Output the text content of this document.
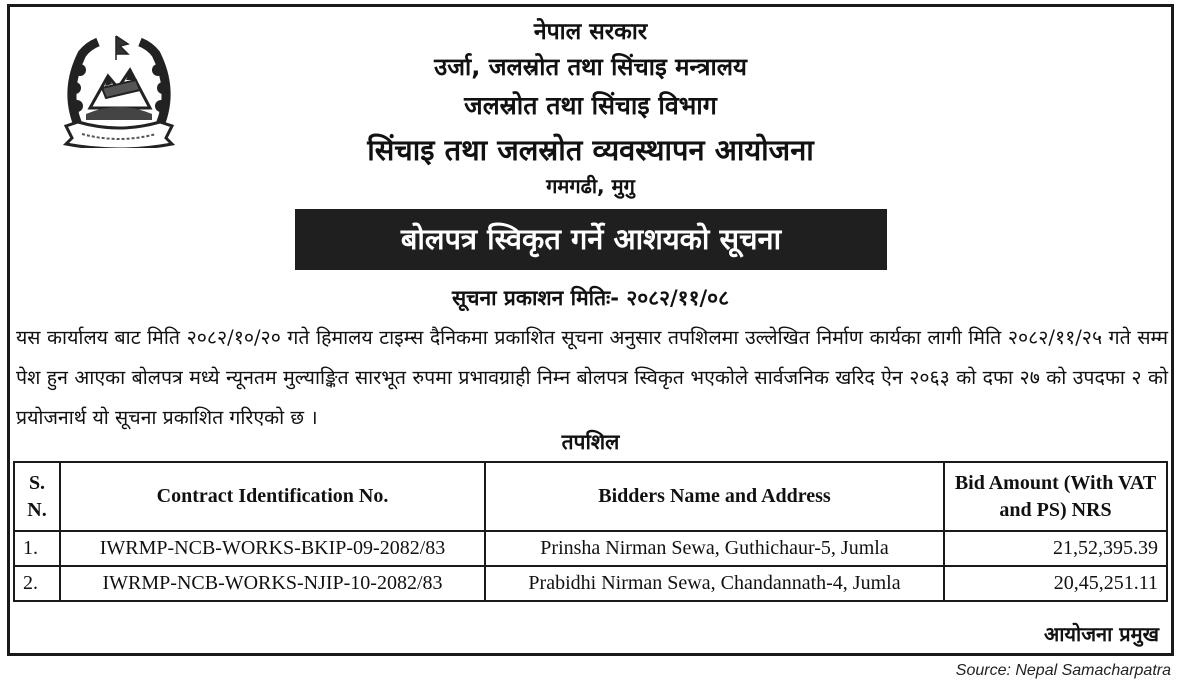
नेपाल सरकार
उर्जा, जलस्रोत तथा सिंचाइ मन्त्रालय
जलस्रोत तथा सिंचाइ विभाग
सिंचाइ तथा जलस्रोत व्यवस्थापन आयोजना
गमगढी, मुगु
बोलपत्र स्विकृत गर्ने आशयको सूचना
सूचना प्रकाशन मितिः- २०८२/११/०८
यस कार्यालय बाट मिति २०८२/१०/२० गते हिमालय टाइम्स दैनिकमा प्रकाशित सूचना अनुसार तपशिलमा उल्लेखित निर्माण कार्यका लागी मिति २०८२/११/२५ गते सम्म पेश हुन आएका बोलपत्र मध्ये न्यूनतम मुल्याङ्कित सारभूत रुपमा प्रभावग्राही निम्न बोलपत्र स्विकृत भएकोले सार्वजनिक खरिद ऐन २०६३ को दफा २७ को उपदफा २ को प्रयोजनार्थ यो सूचना प्रकाशित गरिएको छ ।
तपशिल
S. N.	Contract Identification No.	Bidders Name and Address	Bid Amount (With VAT and PS) NRS
1.	IWRMP-NCB-WORKS-BKIP-09-2082/83	Prinsha Nirman Sewa, Guthichaur-5, Jumla	21,52,395.39
2.	IWRMP-NCB-WORKS-NJIP-10-2082/83	Prabidhi Nirman Sewa, Chandannath-4, Jumla	20,45,251.11
आयोजना प्रमुख
Source: Nepal Samacharpatra
